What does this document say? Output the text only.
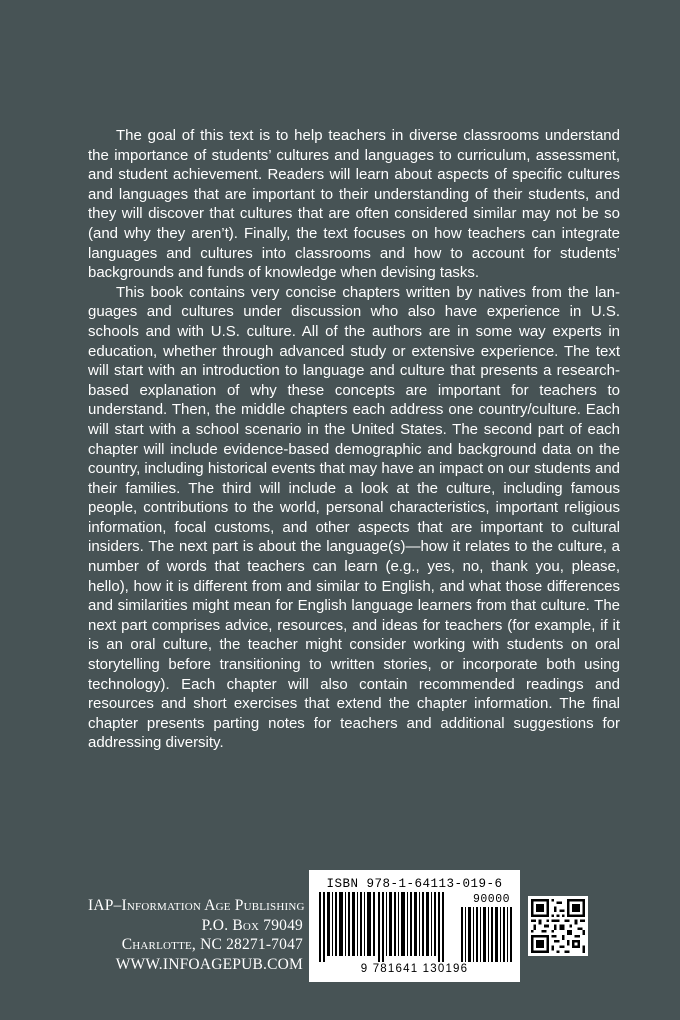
The goal of this text is to help teachers in diverse classrooms understand the importance of students’ cultures and languages to curriculum, assessment, and student achievement. Readers will learn about aspects of specific cultures and languages that are important to their understanding of their students, and they will discover that cultures that are often considered similar may not be so (and why they aren’t). Finally, the text focuses on how teachers can integrate languages and cultures into classrooms and how to account for students’ backgrounds and funds of knowledge when devising tasks.

This book contains very concise chapters written by natives from the languages and cultures under discussion who also have experience in U.S. schools and with U.S. culture. All of the authors are in some way experts in education, whether through advanced study or extensive experience. The text will start with an introduction to language and culture that presents a research-based explanation of why these concepts are important for teachers to understand. Then, the middle chapters each address one country/culture. Each will start with a school scenario in the United States. The second part of each chapter will include evidence-based demographic and background data on the country, including historical events that may have an impact on our students and their families. The third will include a look at the culture, including famous people, contributions to the world, personal characteristics, important religious information, focal customs, and other aspects that are important to cultural insiders. The next part is about the language(s)—how it relates to the culture, a number of words that teachers can learn (e.g., yes, no, thank you, please, hello), how it is different from and similar to English, and what those differences and similarities might mean for English language learners from that culture. The next part comprises advice, resources, and ideas for teachers (for example, if it is an oral culture, the teacher might consider working with students on oral storytelling before transitioning to written stories, or incorporate both using technology). Each chapter will also contain recommended readings and resources and short exercises that extend the chapter information. The final chapter presents parting notes for teachers and additional suggestions for addressing diversity.

IAP–Information Age Publishing
P.O. Box 79049
Charlotte, NC 28271-7047
WWW.INFOAGEPUB.COM
ISBN 978-1-64113-019-6
90000
9 781641 130196
